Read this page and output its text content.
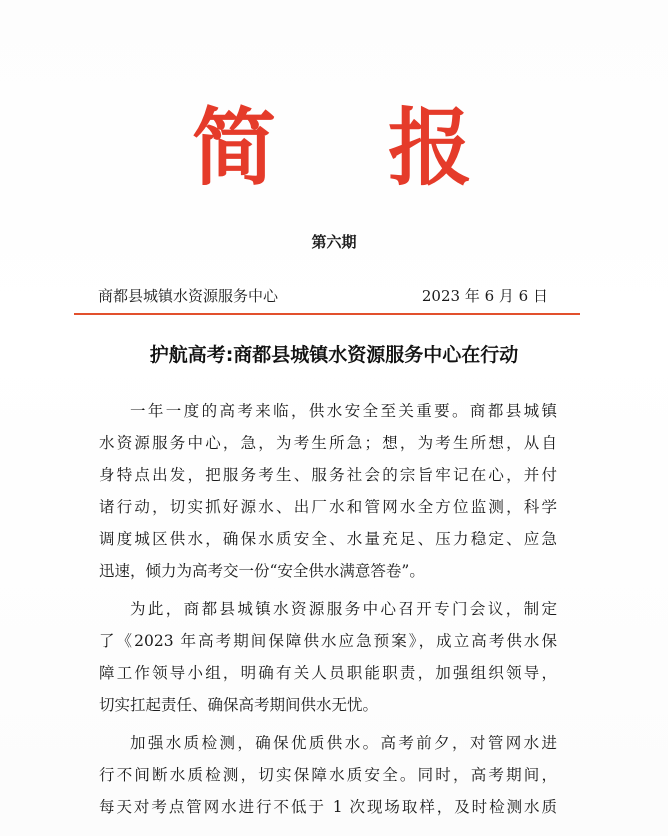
简 报
第六期
商都县城镇水资源服务中心	2023 年 6 月 6 日
护航高考:商都县城镇水资源服务中心在行动
一年一度的高考来临，供水安全至关重要。商都县城镇
水资源服务中心，急，为考生所急；想，为考生所想，从自
身特点出发，把服务考生、服务社会的宗旨牢记在心，并付
诸行动，切实抓好源水、出厂水和管网水全方位监测，科学
调度城区供水，确保水质安全、水量充足、压力稳定、应急
迅速，倾力为高考交一份“安全供水满意答卷”。
为此，商都县城镇水资源服务中心召开专门会议，制定
了《2023 年高考期间保障供水应急预案》，成立高考供水保
障工作领导小组，明确有关人员职能职责，加强组织领导，
切实扛起责任、确保高考期间供水无忧。
加强水质检测，确保优质供水。高考前夕，对管网水进
行不间断水质检测，切实保障水质安全。同时，高考期间，
每天对考点管网水进行不低于 1 次现场取样，及时检测水质
